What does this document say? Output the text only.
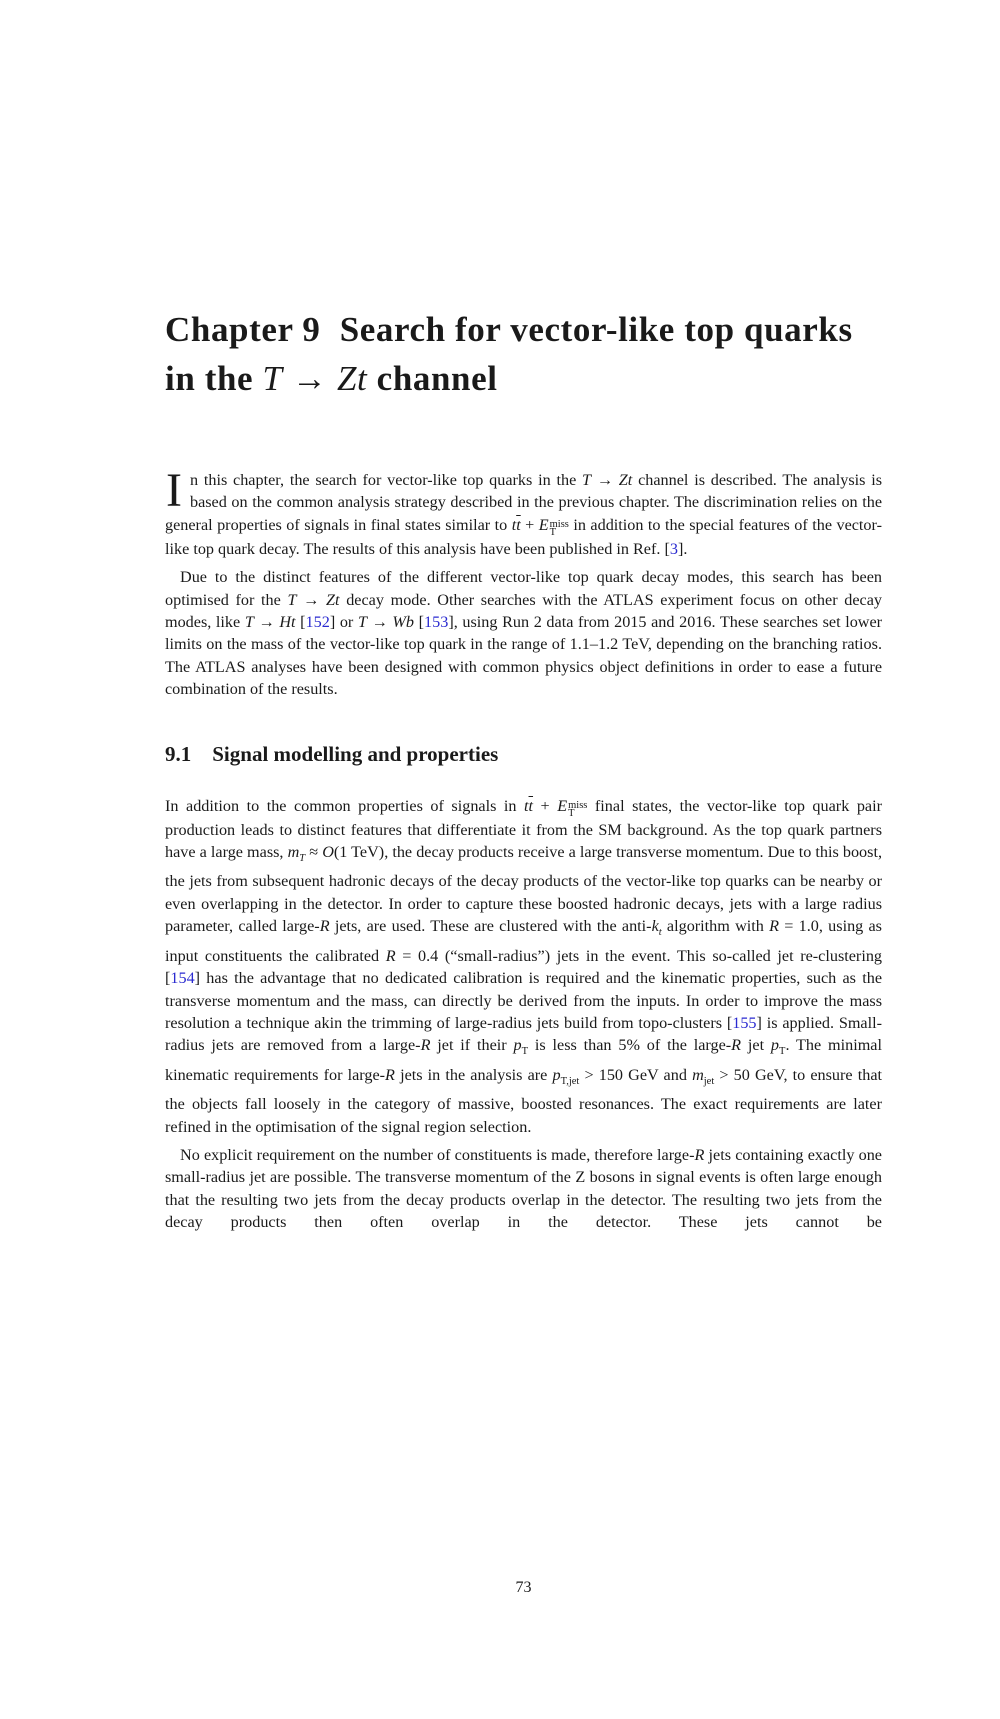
Chapter 9 Search for vector-like top quarks in the T → Zt channel

In this chapter, the search for vector-like top quarks in the T → Zt channel is described. The analysis is based on the common analysis strategy described in the previous chapter. The discrimination relies on the general properties of signals in final states similar to $t\overline{t} + E$ miss
T in addition to the special features of the vector-like top quark decay. The results of this analysis have been published in Ref. [3].

Due to the distinct features of the different vector-like top quark decay modes, this search has been optimised for the T → Zt decay mode. Other searches with the ATLAS experiment focus on other decay modes, like T → Ht [152] or T → Wb [153], using Run 2 data from 2015 and 2016. These searches set lower limits on the mass of the vector-like top quark in the range of 1.1–1.2 TeV, depending on the branching ratios. The ATLAS analyses have been designed with common physics object definitions in order to ease a future combination of the results.

9.1 Signal modelling and properties

In addition to the common properties of signals in $t\overline{t} + E$ miss
T final states, the vector-like top quark pair production leads to distinct features that differentiate it from the SM background. As the top quark partners have a large mass, $m_T \approx O(1$ TeV), the decay products receive a large transverse momentum. Due to this boost, the jets from subsequent hadronic decays of the decay products of the vector-like top quarks can be nearby or even overlapping in the detector. In order to capture these boosted hadronic decays, jets with a large radius parameter, called large-R jets, are used. These are clustered with the anti-$k_t$ algorithm with R = 1.0, using as input constituents the calibrated R = 0.4 (“small-radius”) jets in the event. This so-called jet re-clustering [154] has the advantage that no dedicated calibration is required and the kinematic properties, such as the transverse momentum and the mass, can directly be derived from the inputs. In order to improve the mass resolution a technique akin the trimming of large-radius jets build from topo-clusters [155] is applied. Small-radius jets are removed from a large-R jet if their $p_T$ is less than 5% of the large-R jet $p_T$. The minimal kinematic requirements for large-R jets in the analysis are $p_{T,jet} > 150$ GeV and $m_{jet} > 50$ GeV, to ensure that the objects fall loosely in the category of massive, boosted resonances. The exact requirements are later refined in the optimisation of the signal region selection.

No explicit requirement on the number of constituents is made, therefore large-R jets containing exactly one small-radius jet are possible. The transverse momentum of the Z bosons in signal events is often large enough that the resulting two jets from the decay products overlap in the detector. The resulting two jets from the decay products then often overlap in the detector. These jets cannot be

73
